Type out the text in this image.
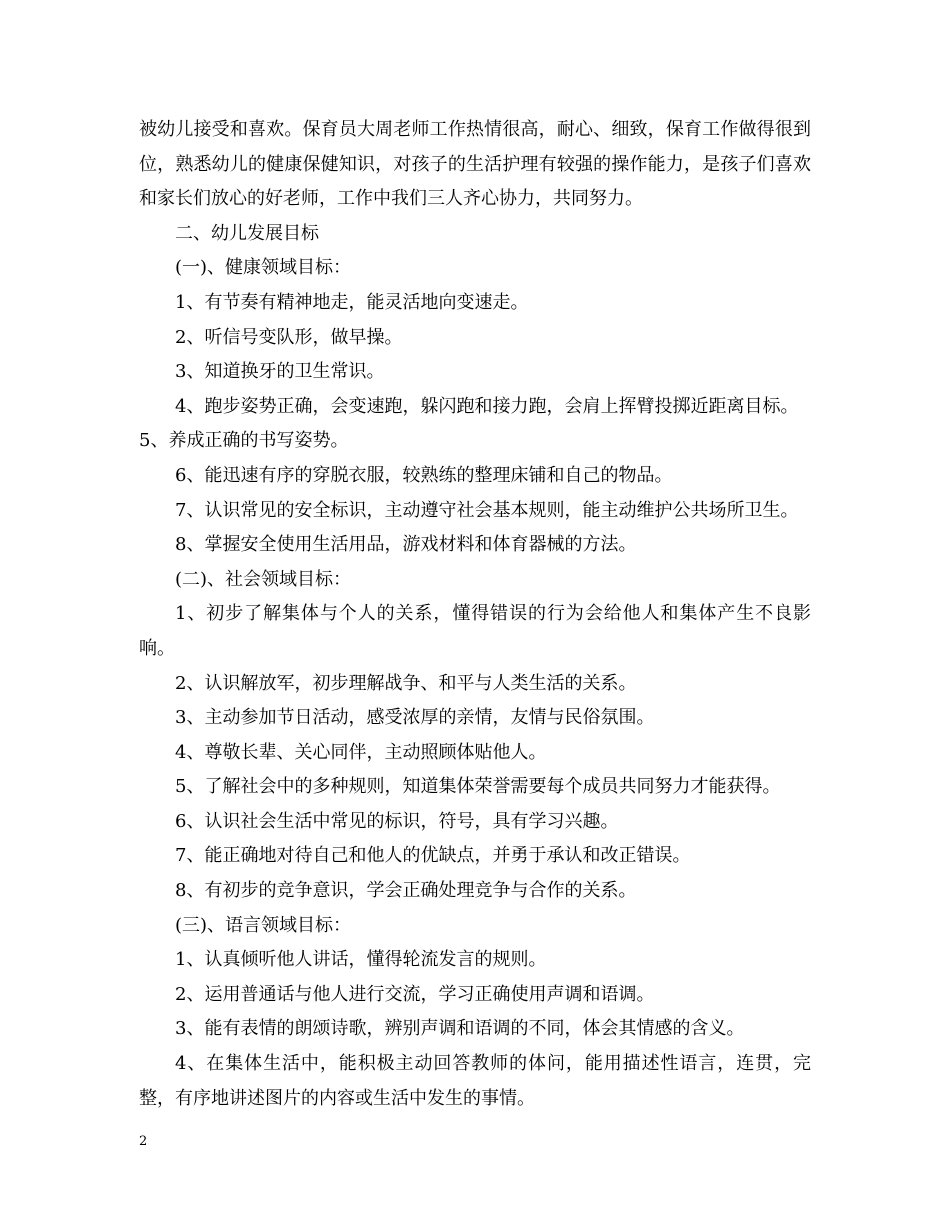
被幼儿接受和喜欢。保育员大周老师工作热情很高，耐心、细致，保育工作做得很到位，熟悉幼儿的健康保健知识，对孩子的生活护理有较强的操作能力，是孩子们喜欢和家长们放心的好老师，工作中我们三人齐心协力，共同努力。

二、幼儿发展目标

(一)、健康领域目标：

1、有节奏有精神地走，能灵活地向变速走。

2、听信号变队形，做早操。

3、知道换牙的卫生常识。

4、跑步姿势正确，会变速跑，躲闪跑和接力跑，会肩上挥臂投掷近距离目标。

5、养成正确的书写姿势。

6、能迅速有序的穿脱衣服，较熟练的整理床铺和自己的物品。

7、认识常见的安全标识，主动遵守社会基本规则，能主动维护公共场所卫生。

8、掌握安全使用生活用品，游戏材料和体育器械的方法。

(二)、社会领域目标：

1、初步了解集体与个人的关系，懂得错误的行为会给他人和集体产生不良影响。

2、认识解放军，初步理解战争、和平与人类生活的关系。

3、主动参加节日活动，感受浓厚的亲情，友情与民俗氛围。

4、尊敬长辈、关心同伴，主动照顾体贴他人。

5、了解社会中的多种规则，知道集体荣誉需要每个成员共同努力才能获得。

6、认识社会生活中常见的标识，符号，具有学习兴趣。

7、能正确地对待自己和他人的优缺点，并勇于承认和改正错误。

8、有初步的竞争意识，学会正确处理竞争与合作的关系。

(三)、语言领域目标：

1、认真倾听他人讲话，懂得轮流发言的规则。

2、运用普通话与他人进行交流，学习正确使用声调和语调。

3、能有表情的朗颂诗歌，辨别声调和语调的不同，体会其情感的含义。

4、在集体生活中，能积极主动回答教师的体问，能用描述性语言，连贯，完整，有序地讲述图片的内容或生活中发生的事情。

2
